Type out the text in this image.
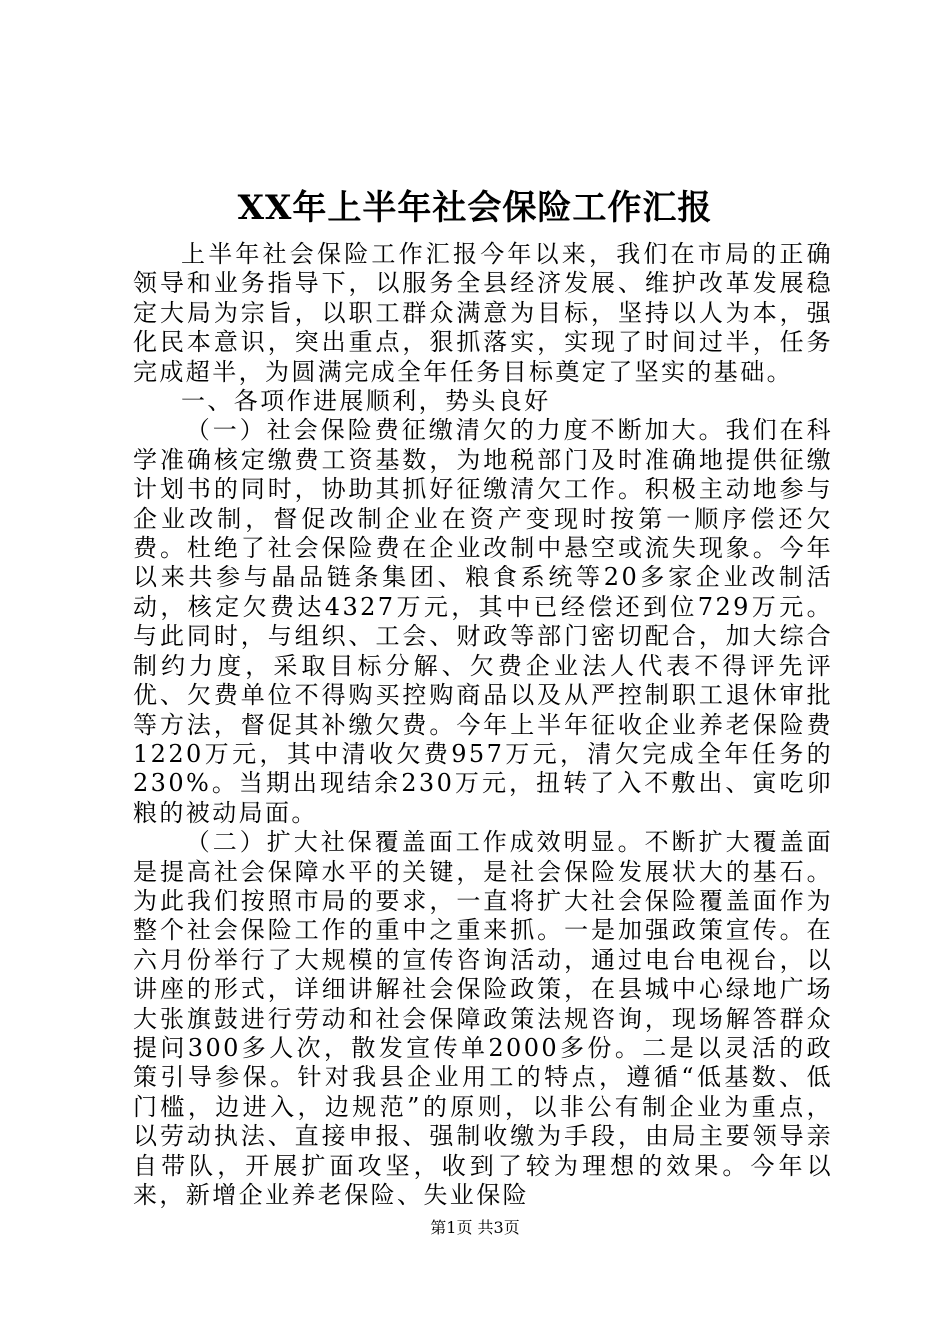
XX年上半年社会保险工作汇报

上半年社会保险工作汇报今年以来，我们在市局的正确领导和业务指导下，以服务全县经济发展、维护改革发展稳定大局为宗旨，以职工群众满意为目标，坚持以人为本，强化民本意识，突出重点，狠抓落实，实现了时间过半，任务完成超半，为圆满完成全年任务目标奠定了坚实的基础。

一、各项作进展顺利，势头良好

（一）社会保险费征缴清欠的力度不断加大。我们在科学准确核定缴费工资基数，为地税部门及时准确地提供征缴计划书的同时，协助其抓好征缴清欠工作。积极主动地参与企业改制，督促改制企业在资产变现时按第一顺序偿还欠费。杜绝了社会保险费在企业改制中悬空或流失现象。今年以来共参与晶品链条集团、粮食系统等20多家企业改制活动，核定欠费达4327万元，其中已经偿还到位729万元。与此同时，与组织、工会、财政等部门密切配合，加大综合制约力度，采取目标分解、欠费企业法人代表不得评先评优、欠费单位不得购买控购商品以及从严控制职工退休审批等方法，督促其补缴欠费。今年上半年征收企业养老保险费1220万元，其中清收欠费957万元，清欠完成全年任务的230%。当期出现结余230万元，扭转了入不敷出、寅吃卯粮的被动局面。

（二）扩大社保覆盖面工作成效明显。不断扩大覆盖面是提高社会保障水平的关键，是社会保险发展状大的基石。为此我们按照市局的要求，一直将扩大社会保险覆盖面作为整个社会保险工作的重中之重来抓。一是加强政策宣传。在六月份举行了大规模的宣传咨询活动，通过电台电视台，以讲座的形式，详细讲解社会保险政策，在县城中心绿地广场大张旗鼓进行劳动和社会保障政策法规咨询，现场解答群众提问300多人次，散发宣传单2000多份。二是以灵活的政策引导参保。针对我县企业用工的特点，遵循“低基数、低门槛，边进入，边规范”的原则，以非公有制企业为重点，以劳动执法、直接申报、强制收缴为手段，由局主要领导亲自带队，开展扩面攻坚，收到了较为理想的效果。今年以来，新增企业养老保险、失业保险

第1页 共3页
